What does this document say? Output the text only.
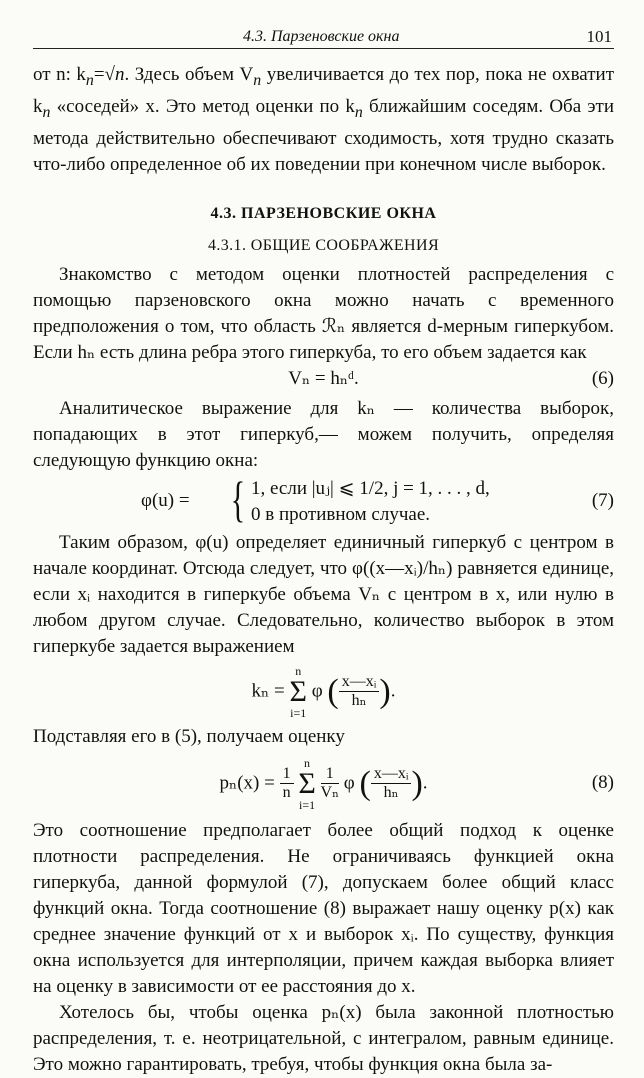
4.3. Парзеновские окна	101

от n: $k_n=√n$. Здесь объем $V_n$ увеличивается до тех пор, пока не охватит $k_n$ «соседей» x. Это метод оценки по $k_n$ ближайшим соседям. Оба эти метода действительно обеспечивают сходимость, хотя трудно сказать что-либо определенное об их поведении при конечном числе выборок.

4.3. ПАРЗЕНОВСКИЕ ОКНА
4.3.1. ОБЩИЕ СООБРАЖЕНИЯ

Знакомство с методом оценки плотностей распределения с помощью парзеновского окна можно начать с временного предположения о том, что область ℛₙ является d-мерным гиперкубом. Если hₙ есть длина ребра этого гиперкуба, то его объем задается как

Vₙ = hₙᵈ.	(6)

Аналитическое выражение для kₙ — количества выборок, попадающих в этот гиперкуб,— можем получить, определяя следующую функцию окна:

φ(u) = { 1, если |uⱼ| ⩽ 1/2, j = 1, . . . , d,
0 в противном случае.
(7)

Таким образом, φ(u) определяет единичный гиперкуб с центром в начале координат. Отсюда следует, что φ((x—xᵢ)/hₙ) равняется единице, если xᵢ находится в гиперкубе объема Vₙ с центром в x, или нулю в любом другом случае. Следовательно, количество выборок в этом гиперкубе задается выражением

kₙ =
n
Σ
i=1
φ ( $\frac{\text{x—xᵢ}}{\text{hₙ}}$).

Подставляя его в (5), получаем оценку

$p_n(x) = \frac{1}{n}$
n
Σ
i=1

$\frac{1}{\text{Vₙ}}$ φ ( $\frac{\text{x—xᵢ}}{\text{hₙ}}$).	(8)

Это соотношение предполагает более общий подход к оценке плотности распределения. Не ограничиваясь функцией окна гиперкуба, данной формулой (7), допускаем более общий класс функций окна. Тогда соотношение (8) выражает нашу оценку p(x) как среднее значение функций от x и выборок xᵢ. По существу, функция окна используется для интерполяции, причем каждая выборка влияет на оценку в зависимости от ее расстояния до x.

Хотелось бы, чтобы оценка pₙ(x) была законной плотностью распределения, т. е. неотрицательной, с интегралом, равным единице. Это можно гарантировать, требуя, чтобы функция окна была за-
